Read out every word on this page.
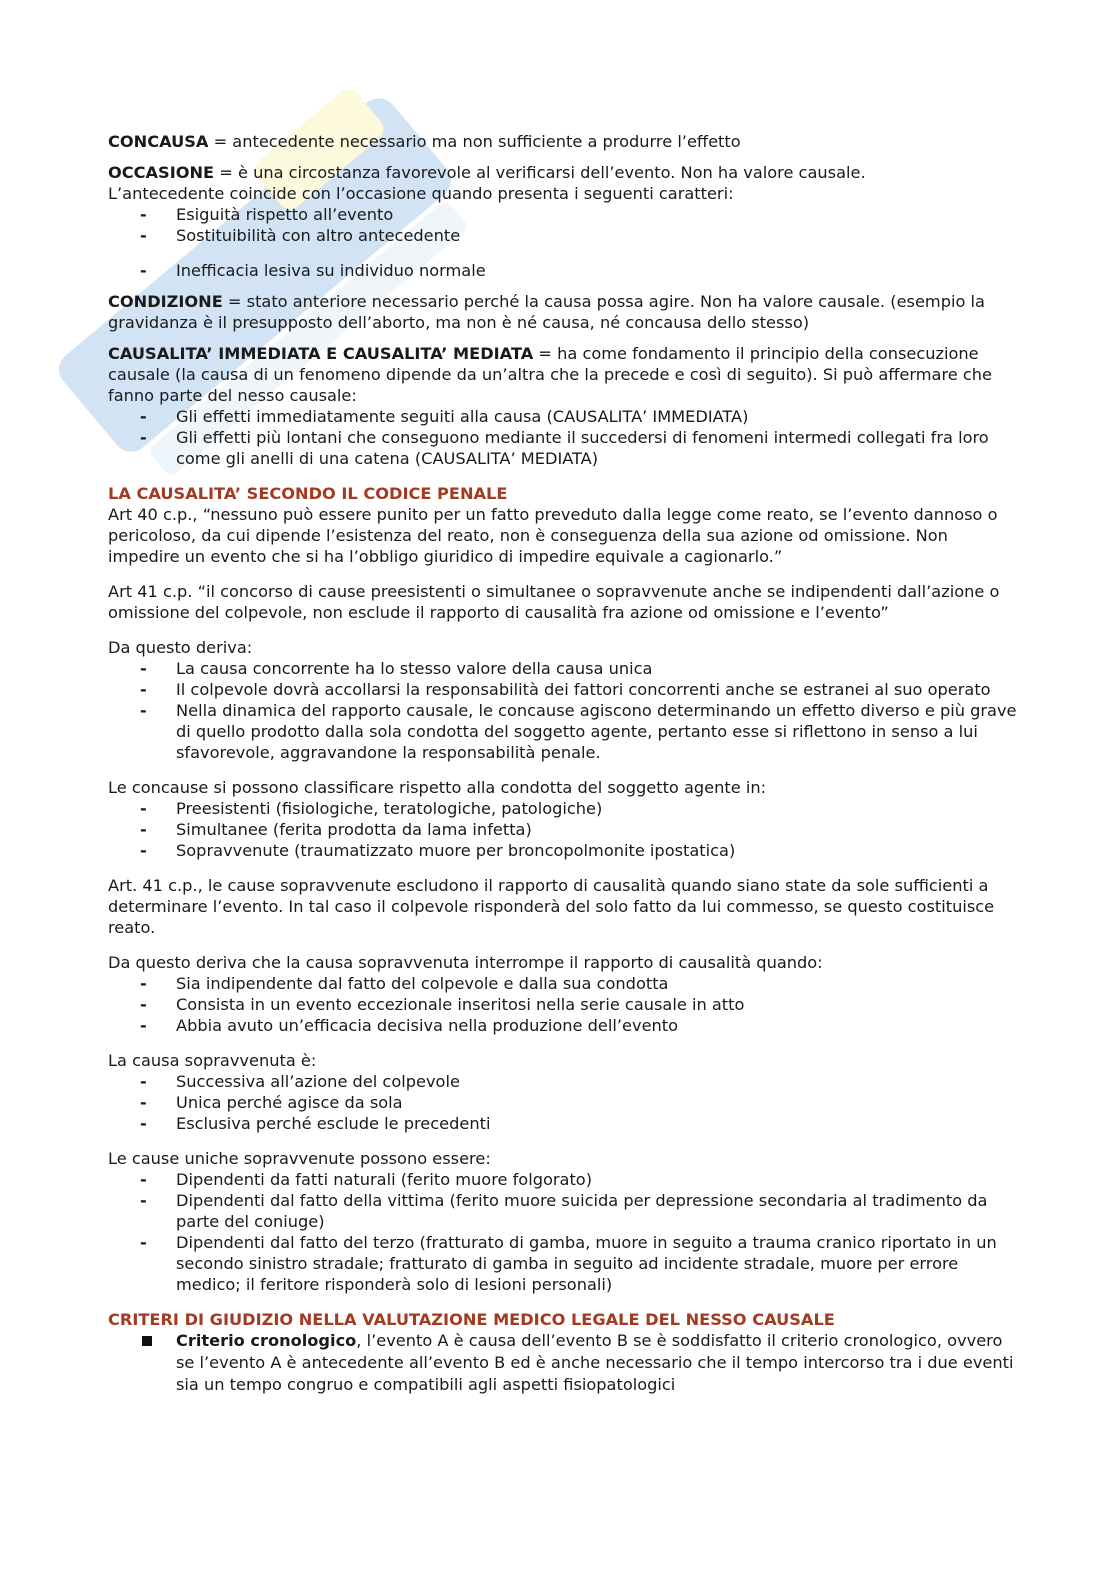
CONCAUSA = antecedente necessario ma non sufficiente a produrre l’effetto

OCCASIONE = è una circostanza favorevole al verificarsi dell’evento. Non ha valore causale.

L’antecedente coincide con l’occasione quando presenta i seguenti caratteri:

- Esiguità rispetto all’evento
- Sostituibilità con altro antecedente
- Inefficacia lesiva su individuo normale

CONDIZIONE = stato anteriore necessario perché la causa possa agire. Non ha valore causale. (esempio la gravidanza è il presupposto dell’aborto, ma non è né causa, né concausa dello stesso)

CAUSALITA’ IMMEDIATA E CAUSALITA’ MEDIATA = ha come fondamento il principio della consecuzione causale (la causa di un fenomeno dipende da un’altra che la precede e così di seguito). Si può affermare che fanno parte del nesso causale:

- Gli effetti immediatamente seguiti alla causa (CAUSALITA’ IMMEDIATA)
- Gli effetti più lontani che conseguono mediante il succedersi di fenomeni intermedi collegati fra loro come gli anelli di una catena (CAUSALITA’ MEDIATA)

LA CAUSALITA’ SECONDO IL CODICE PENALE

Art 40 c.p., “nessuno può essere punito per un fatto preveduto dalla legge come reato, se l’evento dannoso o pericoloso, da cui dipende l’esistenza del reato, non è conseguenza della sua azione od omissione. Non impedire un evento che si ha l’obbligo giuridico di impedire equivale a cagionarlo.”

Art 41 c.p. “il concorso di cause preesistenti o simultanee o sopravvenute anche se indipendenti dall’azione o omissione del colpevole, non esclude il rapporto di causalità fra azione od omissione e l’evento”

Da questo deriva:

- La causa concorrente ha lo stesso valore della causa unica
- Il colpevole dovrà accollarsi la responsabilità dei fattori concorrenti anche se estranei al suo operato
- Nella dinamica del rapporto causale, le concause agiscono determinando un effetto diverso e più grave di quello prodotto dalla sola condotta del soggetto agente, pertanto esse si riflettono in senso a lui sfavorevole, aggravandone la responsabilità penale.

Le concause si possono classificare rispetto alla condotta del soggetto agente in:

- Preesistenti (fisiologiche, teratologiche, patologiche)
- Simultanee (ferita prodotta da lama infetta)
- Sopravvenute (traumatizzato muore per broncopolmonite ipostatica)

Art. 41 c.p., le cause sopravvenute escludono il rapporto di causalità quando siano state da sole sufficienti a determinare l’evento. In tal caso il colpevole risponderà del solo fatto da lui commesso, se questo costituisce reato.

Da questo deriva che la causa sopravvenuta interrompe il rapporto di causalità quando:

- Sia indipendente dal fatto del colpevole e dalla sua condotta
- Consista in un evento eccezionale inseritosi nella serie causale in atto
- Abbia avuto un’efficacia decisiva nella produzione dell’evento

La causa sopravvenuta è:

- Successiva all’azione del colpevole
- Unica perché agisce da sola
- Esclusiva perché esclude le precedenti

Le cause uniche sopravvenute possono essere:

- Dipendenti da fatti naturali (ferito muore folgorato)
- Dipendenti dal fatto della vittima (ferito muore suicida per depressione secondaria al tradimento da parte del coniuge)
- Dipendenti dal fatto del terzo (fratturato di gamba, muore in seguito a trauma cranico riportato in un secondo sinistro stradale; fratturato di gamba in seguito ad incidente stradale, muore per errore medico; il feritore risponderà solo di lesioni personali)

CRITERI DI GIUDIZIO NELLA VALUTAZIONE MEDICO LEGALE DEL NESSO CAUSALE

Criterio cronologico, l’evento A è causa dell’evento B se è soddisfatto il criterio cronologico, ovvero se l’evento A è antecedente all’evento B ed è anche necessario che il tempo intercorso tra i due eventi sia un tempo congruo e compatibili agli aspetti fisiopatologici
